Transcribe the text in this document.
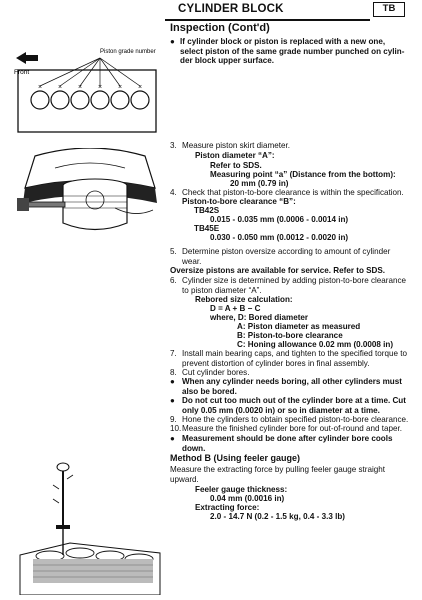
CYLINDER BLOCK	TB
Inspection (Cont'd)
× × × × × ×
Front
Piston grade number
● If cylinder block or piston is replaced with a new one,
select piston of the same grade number punched on cylin-
der block upper surface.
3. Measure piston skirt diameter.
Piston diameter “A”:
Refer to SDS.
Measuring point “a” (Distance from the bottom):
20 mm (0.79 in)
4. Check that piston-to-bore clearance is within the specification.
Piston-to-bore clearance “B”:
TB42S
0.015 - 0.035 mm (0.0006 - 0.0014 in)
TB45E
0.030 - 0.050 mm (0.0012 - 0.0020 in)
5. Determine piston oversize according to amount of cylinder
wear.
Oversize pistons are available for service. Refer to SDS.
6. Cylinder size is determined by adding piston-to-bore clearance
to piston diameter “A”.
Rebored size calculation:
D = A + B − C
where, D: Bored diameter
A: Piston diameter as measured
B: Piston-to-bore clearance
C: Honing allowance 0.02 mm (0.0008 in)
7. Install main bearing caps, and tighten to the specified torque to
prevent distortion of cylinder bores in final assembly.
8. Cut cylinder bores.
● When any cylinder needs boring, all other cylinders must
also be bored.
● Do not cut too much out of the cylinder bore at a time. Cut
only 0.05 mm (0.0020 in) or so in diameter at a time.
9. Hone the cylinders to obtain specified piston-to-bore clearance.
10.Measure the finished cylinder bore for out-of-round and taper.
● Measurement should be done after cylinder bore cools
down.
Method B (Using feeler gauge)
Measure the extracting force by pulling feeler gauge straight
upward.
Feeler gauge thickness:
0.04 mm (0.0016 in)
Extracting force:
2.0 - 14.7 N (0.2 - 1.5 kg, 0.4 - 3.3 lb)
